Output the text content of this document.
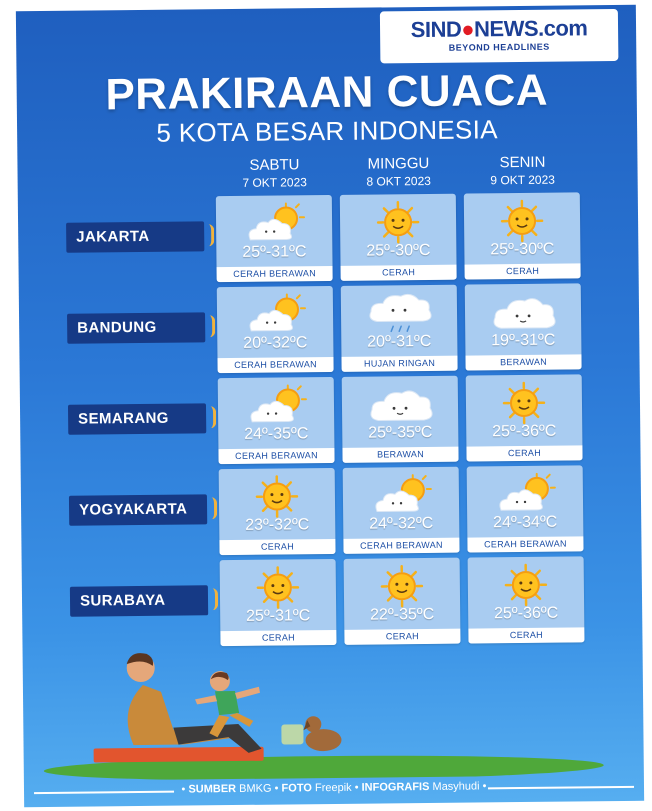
SIND●NEWS.com
BEYOND HEADLINES
PRAKIRAAN CUACA
5 KOTA BESAR INDONESIA
SABTU
7 OKT 2023
MINGGU
8 OKT 2023
SENIN
9 OKT 2023
• SUMBER BMKG • FOTO Freepik • INFOGRAFIS Masyhudi •
JAKARTA
25º-31ºC
CERAH BERAWAN
25º-30ºC
CERAH
25º-30ºC
CERAH
BANDUNG
20º-32ºC
CERAH BERAWAN
20º-31ºC
HUJAN RINGAN
19º-31ºC
BERAWAN
SEMARANG
24º-35ºC
CERAH BERAWAN
25º-35ºC
BERAWAN
25º-36ºC
CERAH
YOGYAKARTA
23º-32ºC
CERAH
24º-32ºC
CERAH BERAWAN
24º-34ºC
CERAH BERAWAN
SURABAYA
25º-31ºC
CERAH
22º-35ºC
CERAH
25º-36ºC
CERAH
